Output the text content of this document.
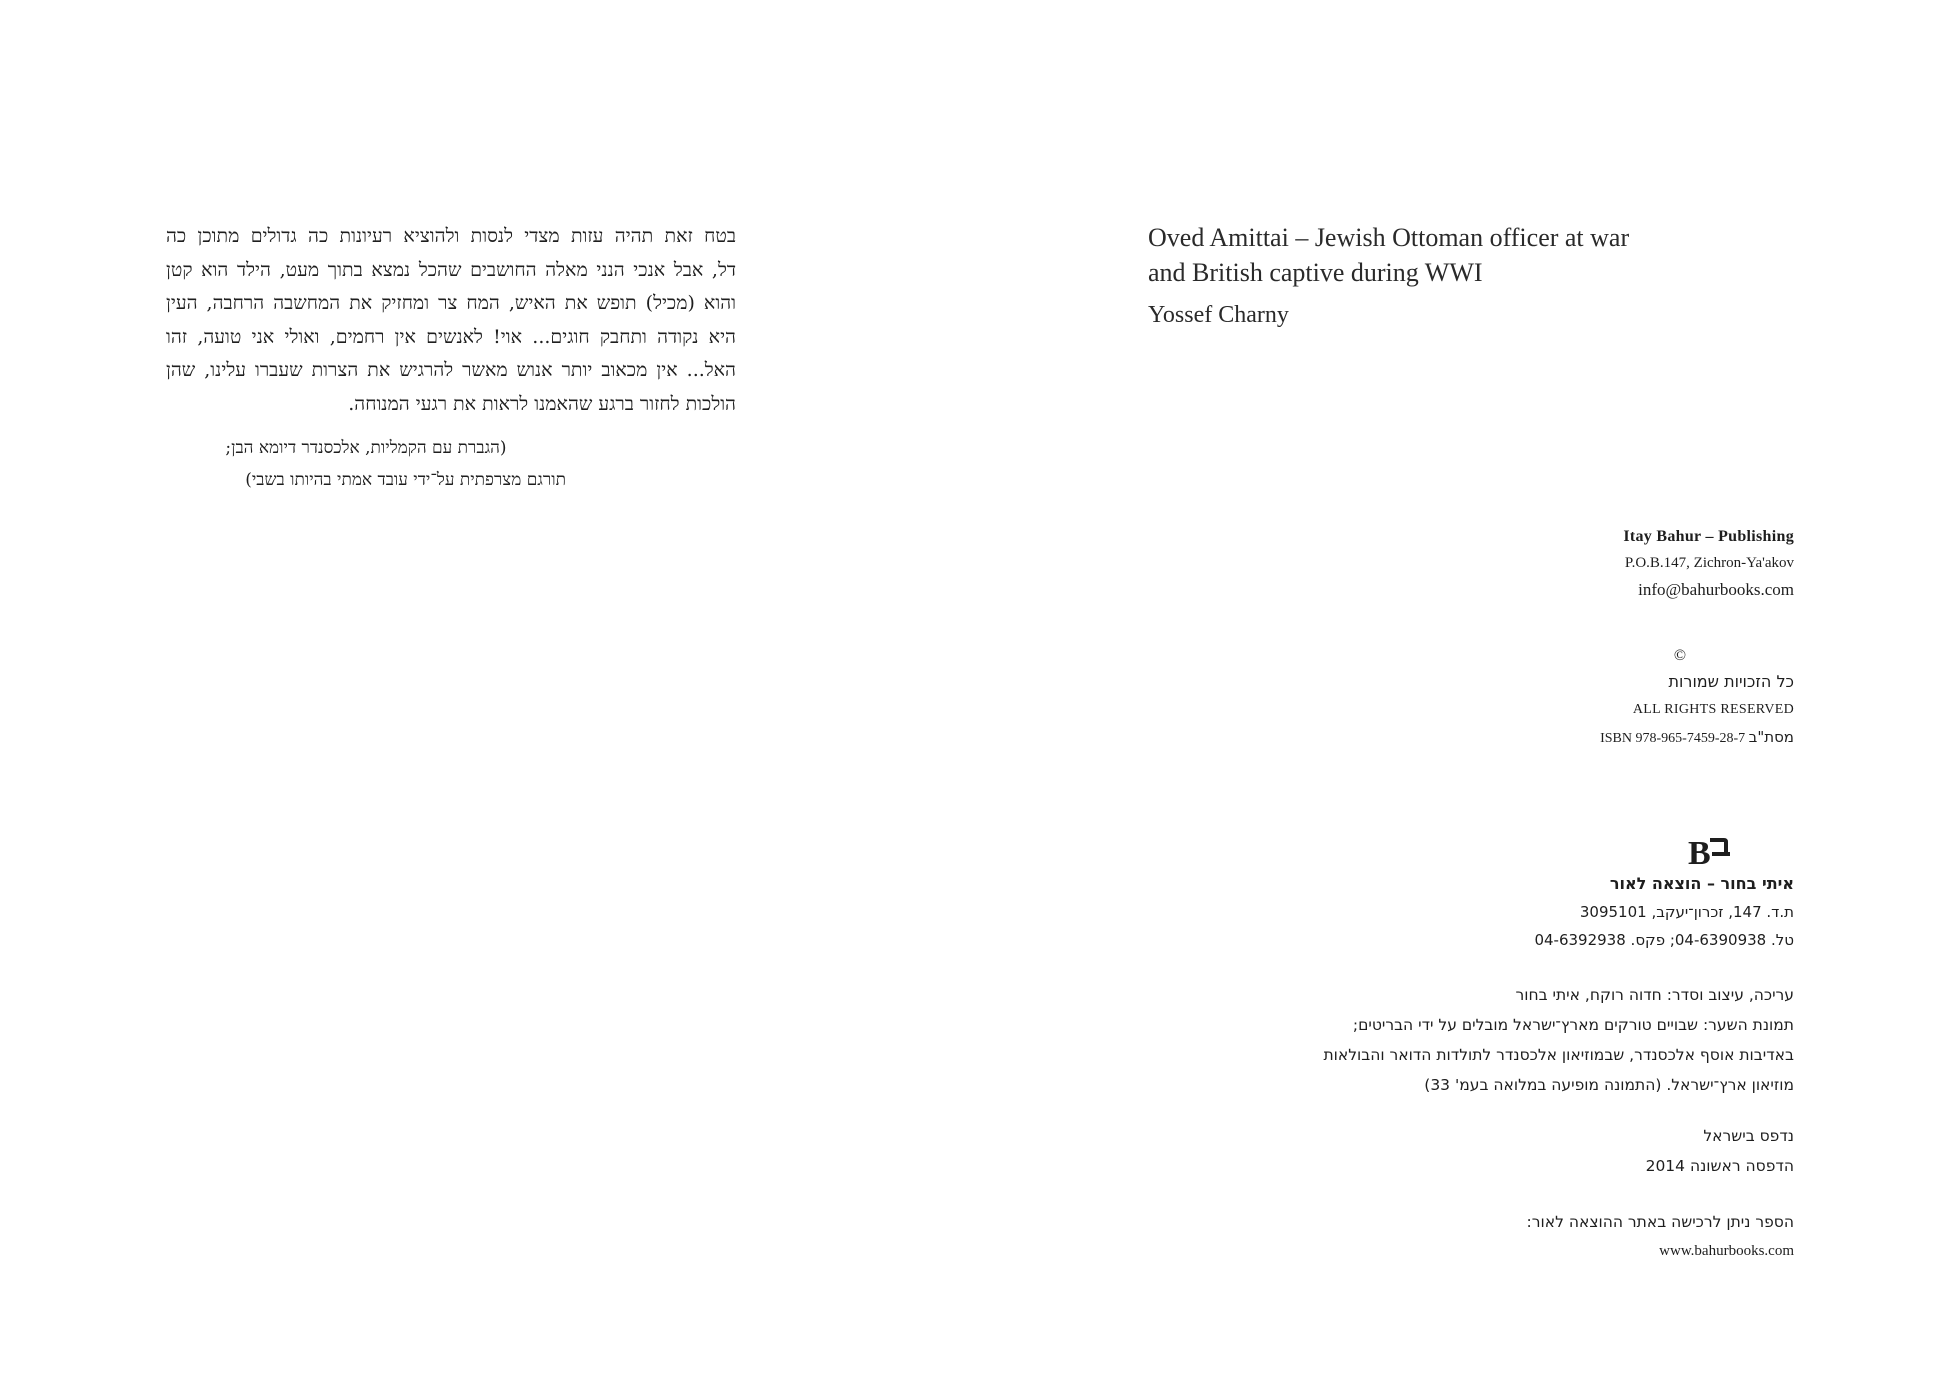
בטח זאת תהיה עזות מצדי לנסות ולהוציא רעיונות כה גדולים מתוכן כה
דל, אבל אנכי הנני מאלה החושבים שהכל נמצא בתוך מעט, הילד הוא קטן
והוא (מכיל) תופש את האיש, המח צר ומחזיק את המחשבה הרחבה, העין
היא נקודה ותחבק חוגים... אוי! לאנשים אין רחמים, ואולי אני טועה, זהו
האל... אין מכאוב יותר אנוש מאשר להרגיש את הצרות שעברו עלינו, שהן
הולכות לחזור ברגע שהאמנו לראות את רגעי המנוחה.
(הגברת עם הקמליות, אלכסנדר דיומא הבן;
תורגם מצרפתית על־ידי עובד אמתי בהיותו בשבי)
Oved Amittai – Jewish Ottoman officer at war
and British captive during WWI

Yossef Charny

Itay Bahur – Publishing
P.O.B.147, Zichron-Ya'akov
info@bahurbooks.com
©
כל הזכויות שמורות
ALL RIGHTS RESERVED
ISBN 978-965-7459-28-7 מסת"ב
B
איתי בחור – הוצאה לאור
ת.ד. 147, זכרון־יעקב, 3095101
טל. 04-6390938; פקס. 04-6392938
עריכה, עיצוב וסדר: חדוה רוקח, איתי בחור
תמונת השער: שבויים טורקים מארץ־ישראל מובלים על ידי הבריטים;
באדיבות אוסף אלכסנדר, שבמוזיאון אלכסנדר לתולדות הדואר והבולאות
מוזיאון ארץ־ישראל. (התמונה מופיעה במלואה בעמ' 33)
נדפס בישראל
הדפסה ראשונה 2014
הספר ניתן לרכישה באתר ההוצאה לאור:
www.bahurbooks.com
